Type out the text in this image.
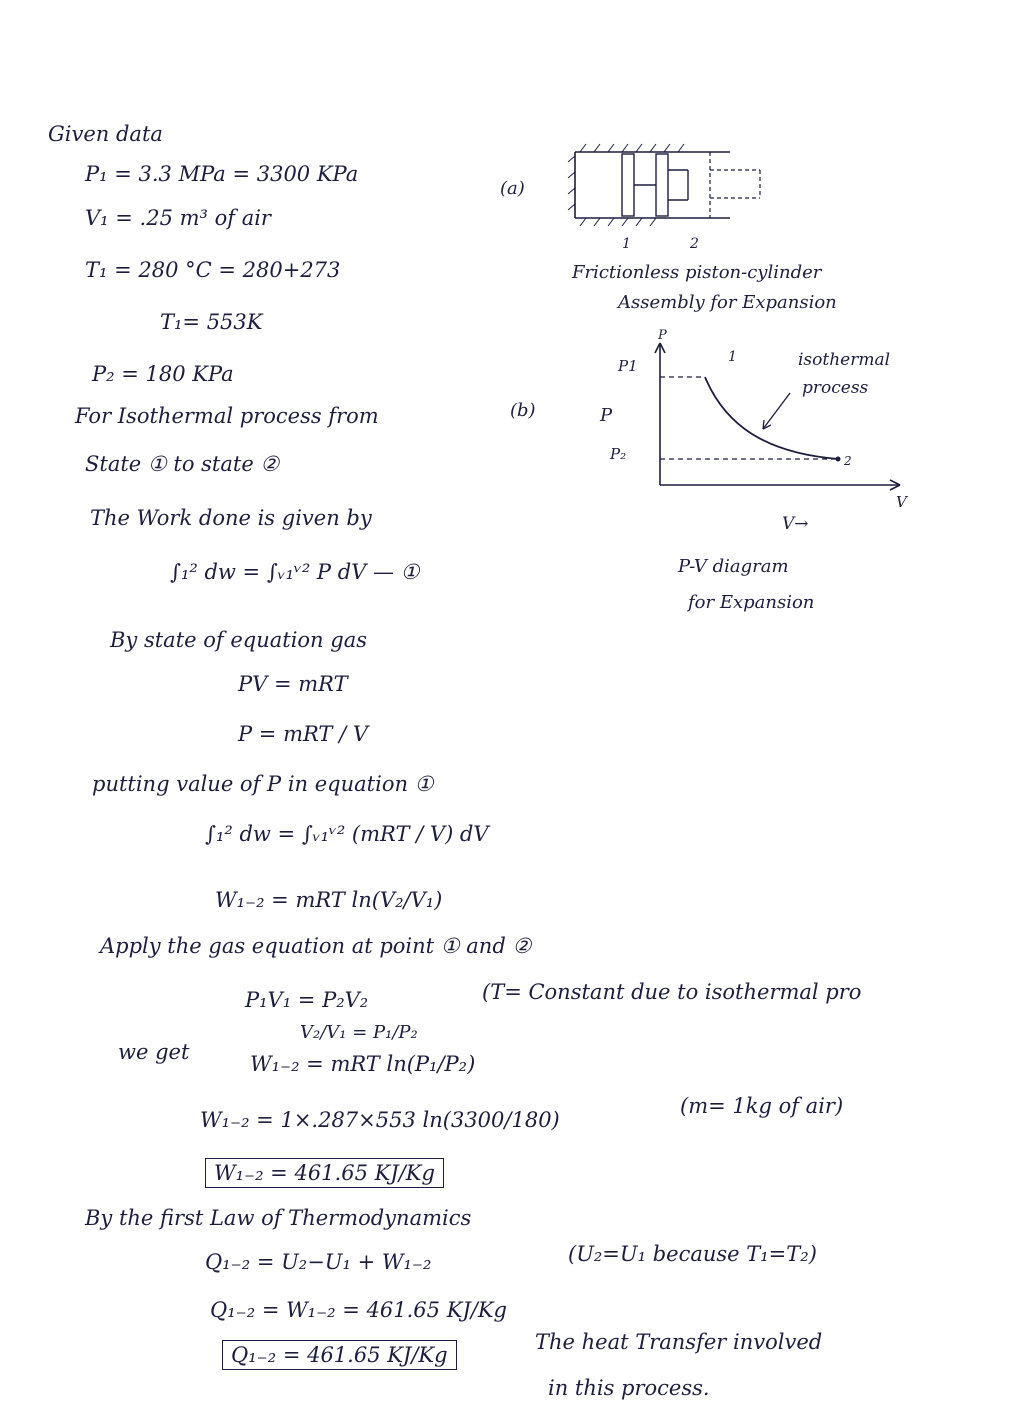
Given data
P₁ = 3.3 MPa = 3300 KPa
V₁ = .25 m³ of air
T₁ = 280 °C = 280+273
T₁= 553K
P₂ = 180 KPa
For Isothermal process from
State ① to state ②
The Work done is given by
∫₁² dw = ∫ᵥ₁ᵛ² P dV — ①
By state of equation gas
PV = mRT
P = mRT / V
putting value of P in equation ①
∫₁² dw = ∫ᵥ₁ᵛ² (mRT / V) dV
W₁₋₂ = mRT ln(V₂/V₁)
Apply the gas equation at point ① and ②
P₁V₁ = P₂V₂	(T= Constant due to isothermal pro
V₂/V₁ = P₁/P₂
we get	W₁₋₂ = mRT ln(P₁/P₂)
W₁₋₂ = 1×.287×553 ln(3300/180)
(m= 1kg of air)
W₁₋₂ = 461.65 KJ/Kg
By the first Law of Thermodynamics
Q₁₋₂ = U₂−U₁ + W₁₋₂	(U₂=U₁ because T₁=T₂)
Q₁₋₂ = W₁₋₂ = 461.65 KJ/Kg
Q₁₋₂ = 461.65 KJ/Kg
The heat Transfer involved
in this process.
(a)
1	2
Frictionless piston-cylinder
Assembly for Expansion
(b)
P
P1
P
P₂
1
2
isothermal
process
V
V→
P-V diagram
for Expansion
